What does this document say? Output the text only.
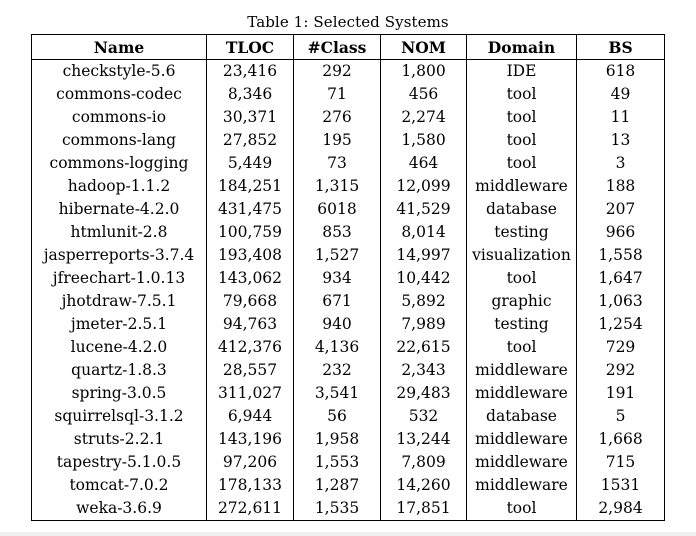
Table 1: Selected Systems
Name	TLOC	#Class	NOM	Domain	BS
checkstyle-5.6	23,416	292	1,800	IDE	618
commons-codec	8,346	71	456	tool	49
commons-io	30,371	276	2,274	tool	11
commons-lang	27,852	195	1,580	tool	13
commons-logging	5,449	73	464	tool	3
hadoop-1.1.2	184,251	1,315	12,099	middleware	188
hibernate-4.2.0	431,475	6018	41,529	database	207
htmlunit-2.8	100,759	853	8,014	testing	966
jasperreports-3.7.4	193,408	1,527	14,997	visualization	1,558
jfreechart-1.0.13	143,062	934	10,442	tool	1,647
jhotdraw-7.5.1	79,668	671	5,892	graphic	1,063
jmeter-2.5.1	94,763	940	7,989	testing	1,254
lucene-4.2.0	412,376	4,136	22,615	tool	729
quartz-1.8.3	28,557	232	2,343	middleware	292
spring-3.0.5	311,027	3,541	29,483	middleware	191
squirrelsql-3.1.2	6,944	56	532	database	5
struts-2.2.1	143,196	1,958	13,244	middleware	1,668
tapestry-5.1.0.5	97,206	1,553	7,809	middleware	715
tomcat-7.0.2	178,133	1,287	14,260	middleware	1531
weka-3.6.9	272,611	1,535	17,851	tool	2,984
